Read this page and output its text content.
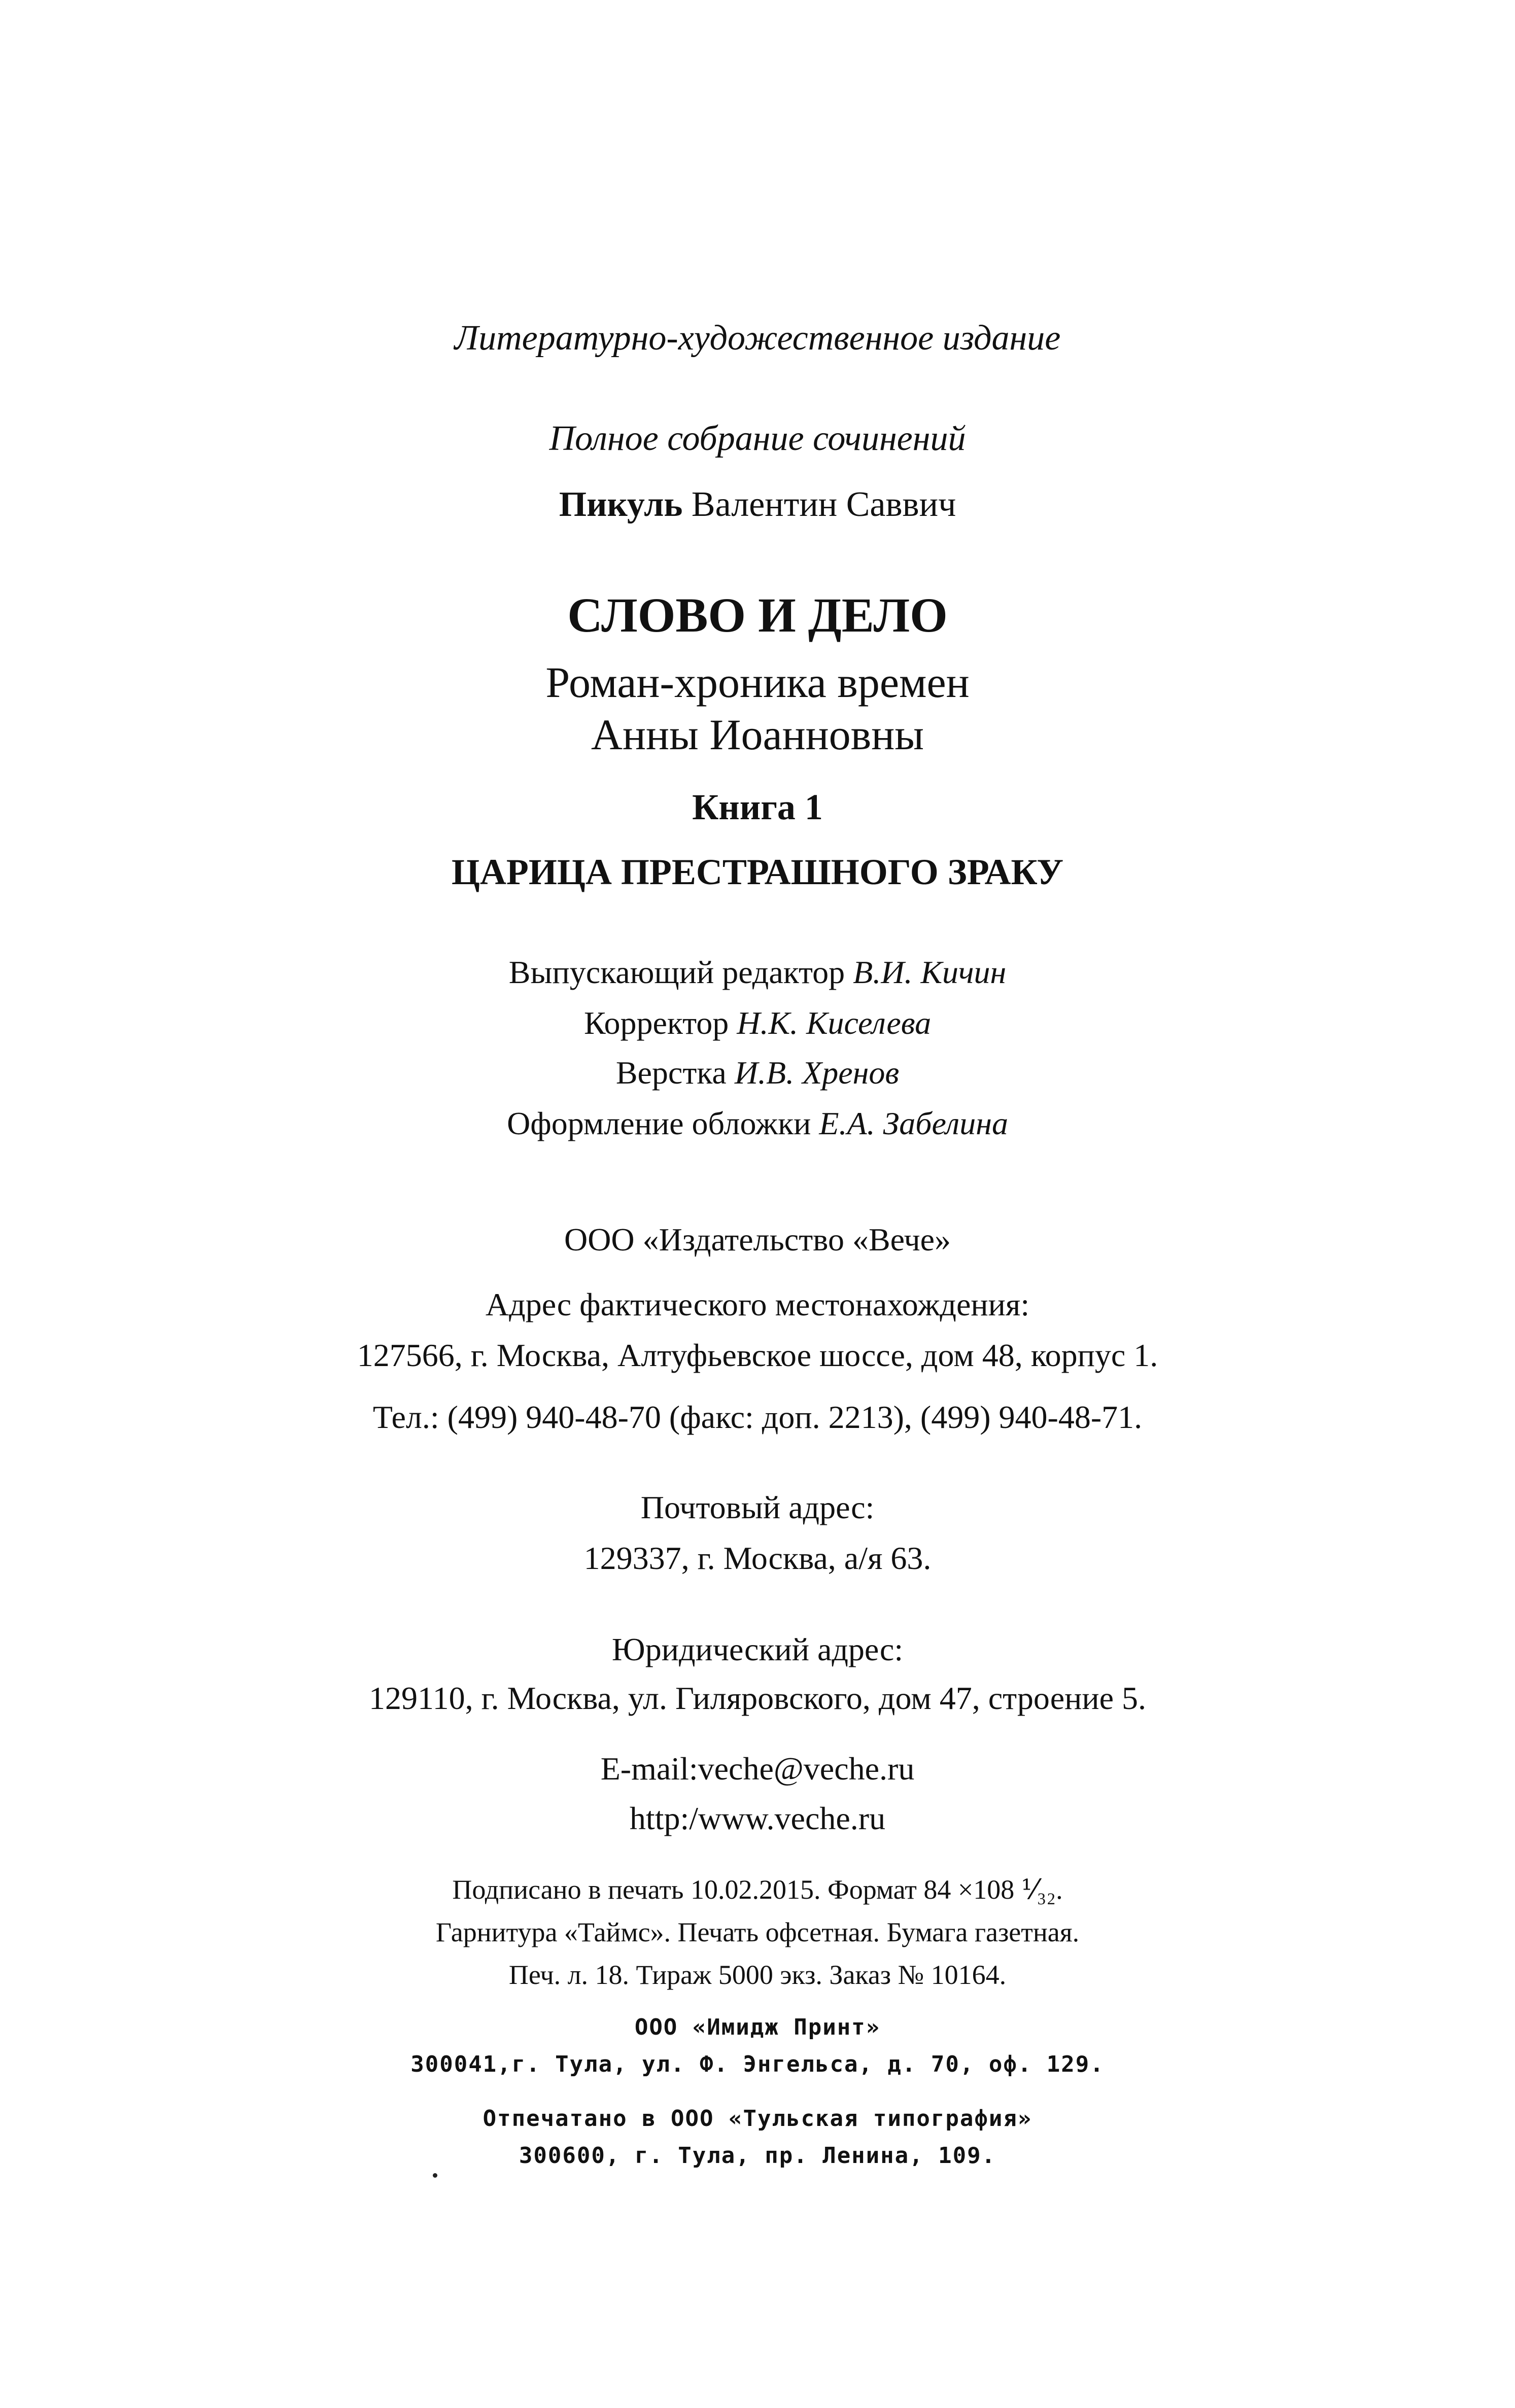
Литературно-художественное издание
Полное собрание сочинений
Пикуль Валентин Саввич
СЛОВО И ДЕЛО
Роман-хроника времен
Анны Иоанновны
Книга 1
ЦАРИЦА ПРЕСТРАШНОГО ЗРАКУ
Выпускающий редактор В.И. Кичин
Корректор Н.К. Киселева
Верстка И.В. Хренов
Оформление обложки Е.А. Забелина
ООО «Издательство «Вече»
Адрес фактического местонахождения:
127566, г. Москва, Алтуфьевское шоссе, дом 48, корпус 1.
Тел.: (499) 940-48-70 (факс: доп. 2213), (499) 940-48-71.
Почтовый адрес:
129337, г. Москва, а/я 63.
Юридический адрес:
129110, г. Москва, ул. Гиляровского, дом 47, строение 5.
E-mail:veche@veche.ru
http:/www.veche.ru
Подписано в печать 10.02.2015. Формат 84 ×108 ⅟₃₂.
Гарнитура «Таймс». Печать офсетная. Бумага газетная.
Печ. л. 18. Тираж 5000 экз. Заказ № 10164.
ООО «Имидж Принт»
300041,г. Тула, ул. Ф. Энгельса, д. 70, оф. 129.
Отпечатано в ООО «Тульская типография»
300600, г. Тула, пр. Ленина, 109.
